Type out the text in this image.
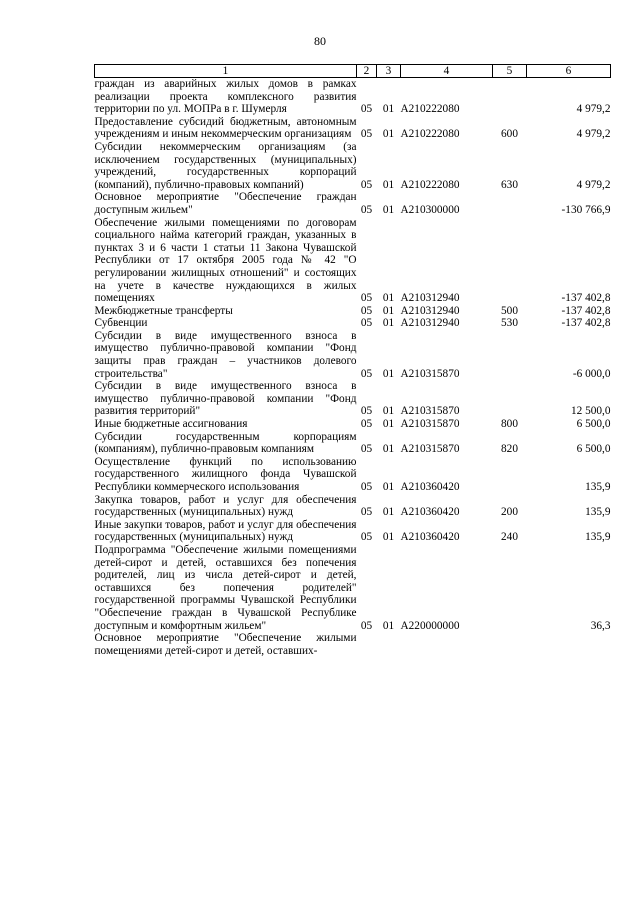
80
1	2	3	4	5	6
граждан из аварийных жилых домов в рамках реализации проекта комплексного развития территории по ул. МОПРа в г. Шумерля	05	01	А210222080		4 979,2
Предоставление субсидий бюджетным, автономным учреждениям и иным некоммерческим организациям	05	01	А210222080	600	4 979,2
Субсидии некоммерческим организациям (за исключением государственных (муниципальных) учреждений, государственных корпораций (компаний), публично-правовых компаний)	05	01	А210222080	630	4 979,2
Основное мероприятие "Обеспечение граждан доступным жильем"	05	01	А210300000		-130 766,9
Обеспечение жилыми помещениями по договорам социального найма категорий граждан, указанных в пунктах 3 и 6 части 1 статьи 11 Закона Чувашской Республики от 17 октября 2005 года № 42 "О регулировании жилищных отношений" и состоящих на учете в качестве нуждающихся в жилых помещениях	05	01	А210312940		-137 402,8
Межбюджетные трансферты	05	01	А210312940	500	-137 402,8
Субвенции	05	01	А210312940	530	-137 402,8
Субсидии в виде имущественного взноса в имущество публично-правовой компании "Фонд защиты прав граждан – участников долевого строительства"	05	01	А210315870		-6 000,0
Субсидии в виде имущественного взноса в имущество публично-правовой компании "Фонд развития территорий"	05	01	А210315870		12 500,0
Иные бюджетные ассигнования	05	01	А210315870	800	6 500,0
Субсидии государственным корпорациям (компаниям), публично-правовым компаниям	05	01	А210315870	820	6 500,0
Осуществление функций по использованию государственного жилищного фонда Чувашской Республики коммерческого использования	05	01	А210360420		135,9
Закупка товаров, работ и услуг для обеспечения государственных (муниципальных) нужд	05	01	А210360420	200	135,9
Иные закупки товаров, работ и услуг для обеспечения государственных (муниципальных) нужд	05	01	А210360420	240	135,9
Подпрограмма "Обеспечение жилыми помещениями детей-сирот и детей, оставшихся без попечения родителей, лиц из числа детей-сирот и детей, оставшихся без попечения родителей" государственной программы Чувашской Республики "Обеспечение граждан в Чувашской Республике доступным и комфортным жильем"	05	01	А220000000		36,3
Основное мероприятие "Обеспечение жилыми помещениями детей-сирот и детей, оставших-					
